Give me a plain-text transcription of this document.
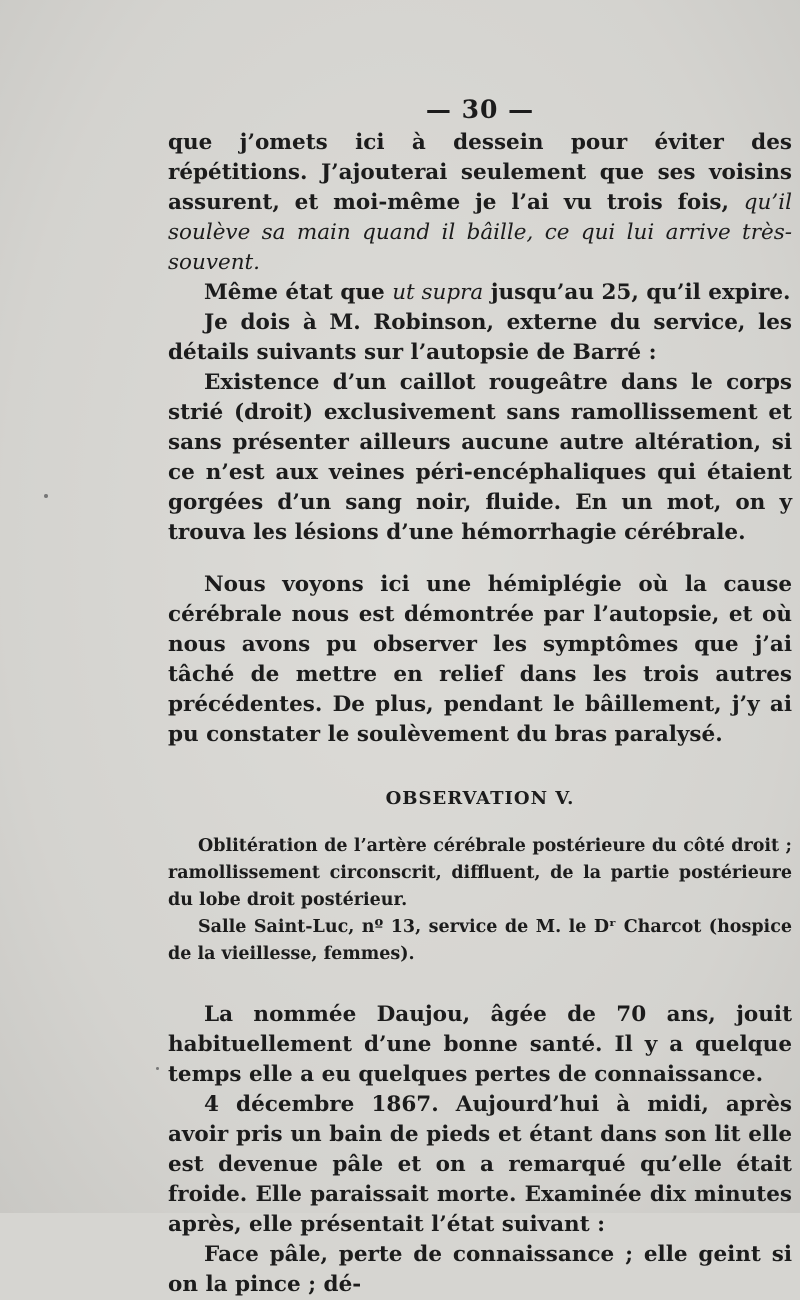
— 30 —

que j’omets ici à dessein pour éviter des répétitions. J’ajouterai seulement que ses voisins assurent, et moi-même je l’ai vu trois fois, qu’il soulève sa main quand il bâille, ce qui lui arrive très-souvent.

Même état que ut supra jusqu’au 25, qu’il expire.

Je dois à M. Robinson, externe du service, les détails suivants sur l’autopsie de Barré :

Existence d’un caillot rougeâtre dans le corps strié (droit) exclusivement sans ramollissement et sans présenter ailleurs aucune autre altération, si ce n’est aux veines péri-encéphaliques qui étaient gorgées d’un sang noir, fluide. En un mot, on y trouva les lésions d’une hémorrhagie cérébrale.

Nous voyons ici une hémiplégie où la cause cérébrale nous est démontrée par l’autopsie, et où nous avons pu observer les symptômes que j’ai tâché de mettre en relief dans les trois autres précédentes. De plus, pendant le bâillement, j’y ai pu constater le soulèvement du bras paralysé.

OBSERVATION V.
Oblitération de l’artère cérébrale postérieure du côté droit ; ramollissement circonscrit, diffluent, de la partie postérieure du lobe droit postérieur.
Salle Saint-Luc, nº 13, service de M. le Dʳ Charcot (hospice de la vieillesse, femmes).

La nommée Daujou, âgée de 70 ans, jouit habituellement d’une bonne santé. Il y a quelque temps elle a eu quelques pertes de connaissance.

4 décembre 1867. Aujourd’hui à midi, après avoir pris un bain de pieds et étant dans son lit elle est devenue pâle et on a remarqué qu’elle était froide. Elle paraissait morte. Examinée dix minutes après, elle présentait l’état suivant :

Face pâle, perte de connaissance ; elle geint si on la pince ; dé-
